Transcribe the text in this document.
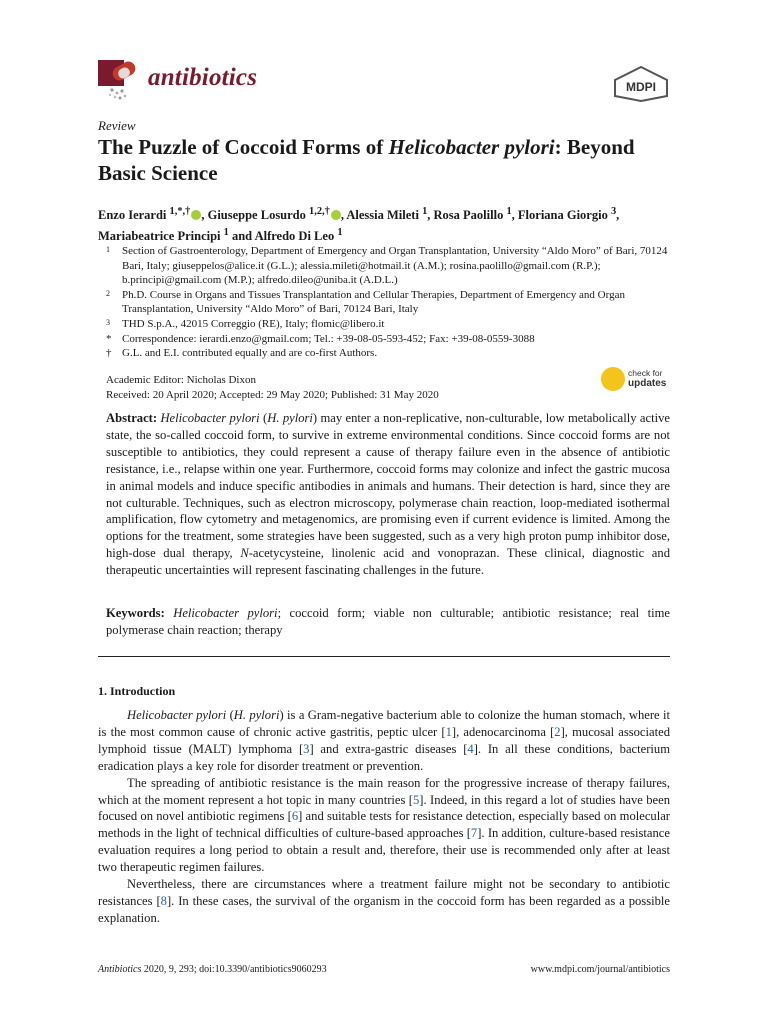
antibiotics	MDPI
Review
The Puzzle of Coccoid Forms of Helicobacter pylori: Beyond Basic Science
Enzo Ierardi $^{1,*,\dagger}$ , Giuseppe Losurdo $^{1,2,\dagger}$ , Alessia Mileti $^1$, Rosa Paolillo $^1$, Floriana Giorgio $^3$,
Mariabeatrice Principi $^1$ and Alfredo Di Leo $^1$
1	Section of Gastroenterology, Department of Emergency and Organ Transplantation, University “Aldo Moro” of Bari, 70124 Bari, Italy; giuseppelos@alice.it (G.L.); alessia.mileti@hotmail.it (A.M.); rosina.paolillo@gmail.com (R.P.); b.principi@gmail.com (M.P.); alfredo.dileo@uniba.it (A.D.L.)
2	Ph.D. Course in Organs and Tissues Transplantation and Cellular Therapies, Department of Emergency and Organ Transplantation, University “Aldo Moro” of Bari, 70124 Bari, Italy
3	THD S.p.A., 42015 Correggio (RE), Italy; flomic@libero.it
* Correspondence: ierardi.enzo@gmail.com; Tel.: +39-08-05-593-452; Fax: +39-08-0559-3088
† G.L. and E.I. contributed equally and are co-first Authors.
Academic Editor: Nicholas Dixon
Received: 20 April 2020; Accepted: 29 May 2020; Published: 31 May 2020
check for
updates
Abstract: Helicobacter pylori (H. pylori) may enter a non-replicative, non-culturable, low metabolically active state, the so-called coccoid form, to survive in extreme environmental conditions. Since coccoid forms are not susceptible to antibiotics, they could represent a cause of therapy failure even in the absence of antibiotic resistance, i.e., relapse within one year. Furthermore, coccoid forms may colonize and infect the gastric mucosa in animal models and induce specific antibodies in animals and humans. Their detection is hard, since they are not culturable. Techniques, such as electron microscopy, polymerase chain reaction, loop-mediated isothermal amplification, flow cytometry and metagenomics, are promising even if current evidence is limited. Among the options for the treatment, some strategies have been suggested, such as a very high proton pump inhibitor dose, high-dose dual therapy, N-acetycysteine, linolenic acid and vonoprazan. These clinical, diagnostic and therapeutic uncertainties will represent fascinating challenges in the future.
Keywords: Helicobacter pylori; coccoid form; viable non culturable; antibiotic resistance; real time polymerase chain reaction; therapy
1. Introduction

Helicobacter pylori (H. pylori) is a Gram-negative bacterium able to colonize the human stomach, where it is the most common cause of chronic active gastritis, peptic ulcer [1], adenocarcinoma [2], mucosal associated lymphoid tissue (MALT) lymphoma [3] and extra-gastric diseases [4]. In all these conditions, bacterium eradication plays a key role for disorder treatment or prevention.

The spreading of antibiotic resistance is the main reason for the progressive increase of therapy failures, which at the moment represent a hot topic in many countries [5]. Indeed, in this regard a lot of studies have been focused on novel antibiotic regimens [6] and suitable tests for resistance detection, especially based on molecular methods in the light of technical difficulties of culture-based approaches [7]. In addition, culture-based resistance evaluation requires a long period to obtain a result and, therefore, their use is recommended only after at least two therapeutic regimen failures.

Nevertheless, there are circumstances where a treatment failure might not be secondary to antibiotic resistances [8]. In these cases, the survival of the organism in the coccoid form has been regarded as a possible explanation.

Antibiotics 2020, 9, 293; doi:10.3390/antibiotics9060293	www.mdpi.com/journal/antibiotics
